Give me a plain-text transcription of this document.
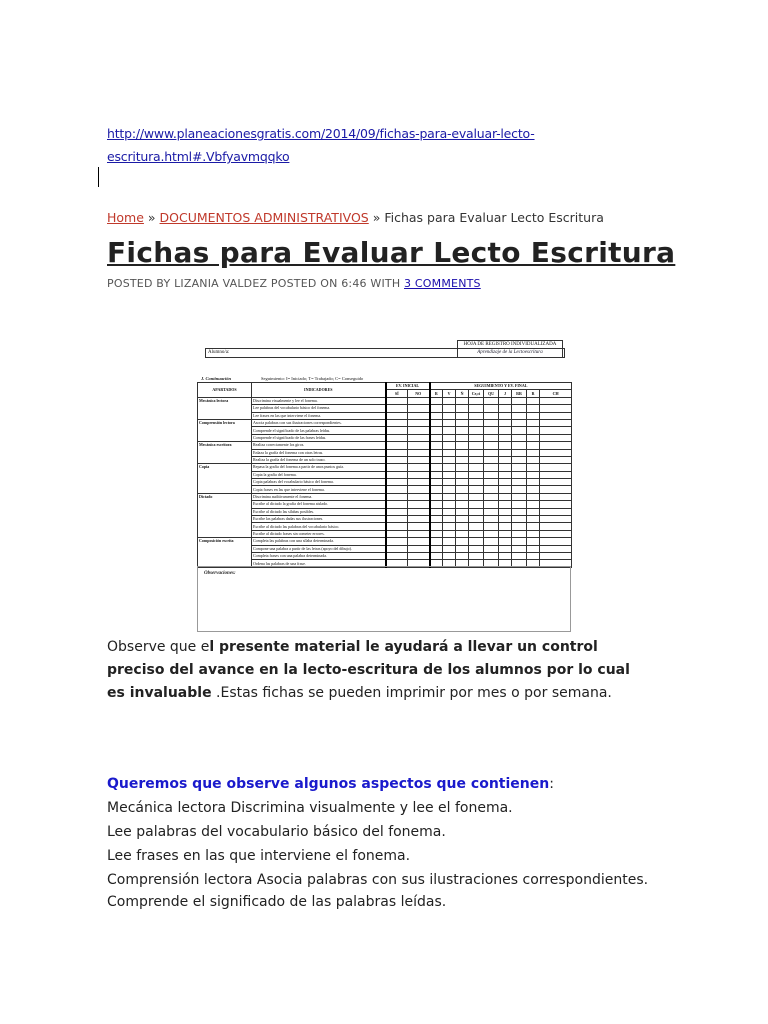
http://www.planeacionesgratis.com/2014/09/fichas-para-evaluar-lecto-
escritura.html#.Vbfyavmqqko
Home » DOCUMENTOS ADMINISTRATIVOS » Fichas para Evaluar Lecto Escritura
Fichas para Evaluar Lecto Escritura
POSTED BY LIZANIA VALDEZ POSTED ON 6:46 WITH 3 COMMENTS
HOJA DE REGISTRO INDIVIDUALIZADA
Aprendizaje de la Lectoescritura
Alumno/a:
J. Continuación	Seguimiento: I= Iniciado; T= Trabajado; C= Conseguido
APARTADOS	INDICADORES	EV. INICIAL		SEGUIMIENTO Y EV. FINAL								
		SÍ	NO	R	V	Ñ	Ce,ci	QU	J	RR	R	CH
Mecánica lectora	Discrimina visualmente y lee el fonema.											
	Lee palabras del vocabulario básico del fonema.											
	Lee frases en las que interviene el fonema.											
Comprensión lectora	Asocia palabras con sus ilustraciones correspondientes.											
	Comprende el significado de las palabras leídas.											
	Comprende el significado de las frases leídas.											
Mecánica escritora	Realiza correctamente los giros.											
	Enlaza la grafía del fonema con otras letras.											
	Realiza la grafía del fonema de un solo trazo.											
Copia	Repasa la grafía del fonema a partir de unos puntos guía.											
	Copia la grafía del fonema.											
	Copia palabras del vocabulario básico del fonema.											
	Copia frases en las que interviene el fonema.											
Dictado	Discrimina auditivamente el fonema.											
	Escribe al dictado la grafía del fonema aislado.											
	Escribe al dictado las sílabas posibles.											
	Escribe las palabras dadas sus ilustraciones.											
	Escribe al dictado las palabras del vocabulario básico.											
	Escribe al dictado frases sin cometer errores.											
Composición escrita	Completa las palabras con una sílaba determinada.											
	Compone una palabra a partir de las letras (apoyo del dibujo).											
	Completa frases con una palabra determinada.											
	Ordena las palabras de una frase.											
Observaciones:
Observe que el presente material le ayudará a llevar un control preciso del avance en la lecto-escritura de los alumnos por lo cual es invaluable .Estas fichas se pueden imprimir por mes o por semana.
Queremos que observe algunos aspectos que contienen:
Mecánica lectora Discrimina visualmente y lee el fonema.
Lee palabras del vocabulario básico del fonema.
Lee frases en las que interviene el fonema.
Comprensión lectora Asocia palabras con sus ilustraciones correspondientes.
Comprende el significado de las palabras leídas.
